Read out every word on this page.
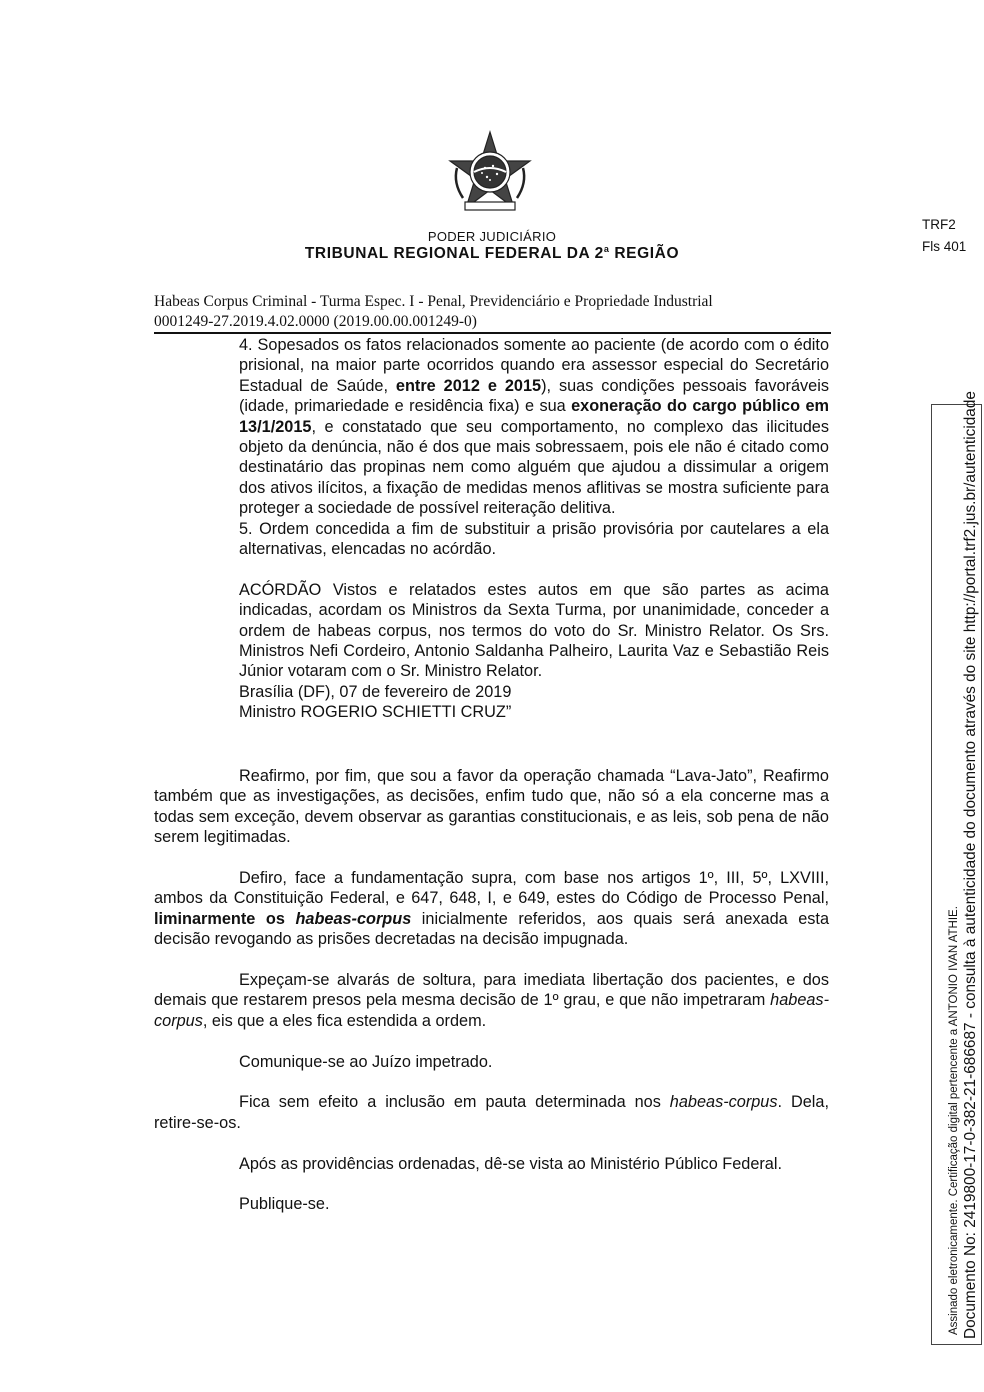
PODER JUDICIÁRIO
TRIBUNAL REGIONAL FEDERAL DA 2$^a$ REGIÃO
TRF2
Fls 401
Habeas Corpus Criminal - Turma Espec. I - Penal, Previdenciário e Propriedade Industrial
0001249-27.2019.4.02.0000 (2019.00.00.001249-0)

4. Sopesados os fatos relacionados somente ao paciente (de acordo com o édito prisional, na maior parte ocorridos quando era assessor especial do Secretário Estadual de Saúde, entre 2012 e 2015), suas condições pessoais favoráveis (idade, primariedade e residência fixa) e sua exoneração do cargo público em 13/1/2015, e constatado que seu comportamento, no complexo das ilicitudes objeto da denúncia, não é dos que mais sobressaem, pois ele não é citado como destinatário das propinas nem como alguém que ajudou a dissimular a origem dos ativos ilícitos, a fixação de medidas menos aflitivas se mostra suficiente para proteger a sociedade de possível reiteração delitiva.

5. Ordem concedida a fim de substituir a prisão provisória por cautelares a ela alternativas, elencadas no acórdão.

ACÓRDÃO Vistos e relatados estes autos em que são partes as acima indicadas, acordam os Ministros da Sexta Turma, por unanimidade, conceder a ordem de habeas corpus, nos termos do voto do Sr. Ministro Relator. Os Srs. Ministros Nefi Cordeiro, Antonio Saldanha Palheiro, Laurita Vaz e Sebastião Reis Júnior votaram com o Sr. Ministro Relator.

Brasília (DF), 07 de fevereiro de 2019

Ministro ROGERIO SCHIETTI CRUZ”

Reafirmo, por fim, que sou a favor da operação chamada “Lava-Jato”, Reafirmo também que as investigações, as decisões, enfim tudo que, não só a ela concerne mas a todas sem exceção, devem observar as garantias constitucionais, e as leis, sob pena de não serem legitimadas.

Defiro, face a fundamentação supra, com base nos artigos 1º, III, 5º, LXVIII, ambos da Constituição Federal, e 647, 648, I, e 649, estes do Código de Processo Penal, liminarmente os habeas-corpus inicialmente referidos, aos quais será anexada esta decisão revogando as prisões decretadas na decisão impugnada.

Expeçam-se alvarás de soltura, para imediata libertação dos pacientes, e dos demais que restarem presos pela mesma decisão de 1º grau, e que não impetraram habeas-corpus, eis que a eles fica estendida a ordem.

Comunique-se ao Juízo impetrado.

Fica sem efeito a inclusão em pauta determinada nos habeas-corpus. Dela, retire-se-os.

Após as providências ordenadas, dê-se vista ao Ministério Público Federal.

Publique-se.	Assinado eletronicamente. Certificação digital pertencente a ANTONIO IVAN ATHIE. Documento No: 2419800-17-0-382-21-686687 - consulta à autenticidade do documento através do site http://portal.trf2.jus.br/autenticidade
